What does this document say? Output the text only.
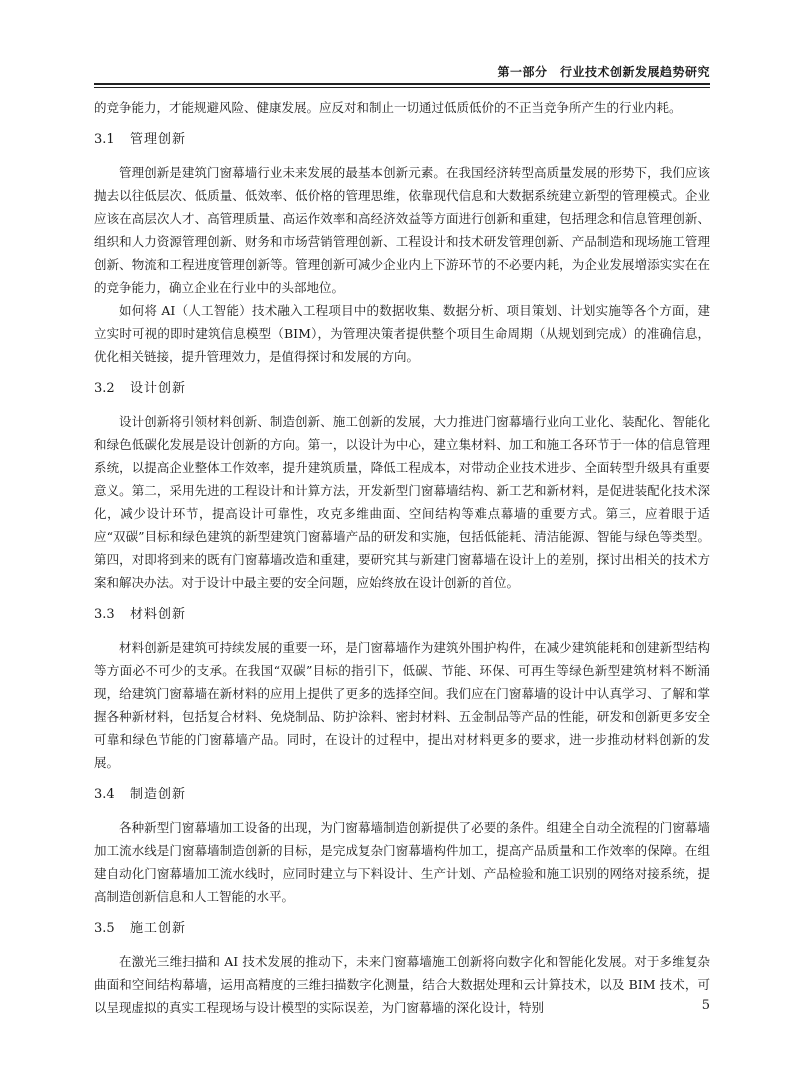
第一部分　行业技术创新发展趋势研究

的竞争能力，才能规避风险、健康发展。应反对和制止一切通过低质低价的不正当竞争所产生的行业内耗。

3.1 管理创新

管理创新是建筑门窗幕墙行业未来发展的最基本创新元素。在我国经济转型高质量发展的形势下，我们应该抛去以往低层次、低质量、低效率、低价格的管理思维，依靠现代信息和大数据系统建立新型的管理模式。企业应该在高层次人才、高管理质量、高运作效率和高经济效益等方面进行创新和重建，包括理念和信息管理创新、组织和人力资源管理创新、财务和市场营销管理创新、工程设计和技术研发管理创新、产品制造和现场施工管理创新、物流和工程进度管理创新等。管理创新可减少企业内上下游环节的不必要内耗，为企业发展增添实实在在的竞争能力，确立企业在行业中的头部地位。

如何将 AI（人工智能）技术融入工程项目中的数据收集、数据分析、项目策划、计划实施等各个方面，建立实时可视的即时建筑信息模型（BIM），为管理决策者提供整个项目生命周期（从规划到完成）的准确信息，优化相关链接，提升管理效力，是值得探讨和发展的方向。

3.2 设计创新

设计创新将引领材料创新、制造创新、施工创新的发展，大力推进门窗幕墙行业向工业化、装配化、智能化和绿色低碳化发展是设计创新的方向。第一，以设计为中心，建立集材料、加工和施工各环节于一体的信息管理系统，以提高企业整体工作效率，提升建筑质量，降低工程成本，对带动企业技术进步、全面转型升级具有重要意义。第二，采用先进的工程设计和计算方法，开发新型门窗幕墙结构、新工艺和新材料，是促进装配化技术深化，减少设计环节，提高设计可靠性，攻克多维曲面、空间结构等难点幕墙的重要方式。第三，应着眼于适应“双碳”目标和绿色建筑的新型建筑门窗幕墙产品的研发和实施，包括低能耗、清洁能源、智能与绿色等类型。第四，对即将到来的既有门窗幕墙改造和重建，要研究其与新建门窗幕墙在设计上的差别，探讨出相关的技术方案和解决办法。对于设计中最主要的安全问题，应始终放在设计创新的首位。

3.3 材料创新

材料创新是建筑可持续发展的重要一环，是门窗幕墙作为建筑外围护构件，在减少建筑能耗和创建新型结构等方面必不可少的支承。在我国“双碳”目标的指引下，低碳、节能、环保、可再生等绿色新型建筑材料不断涌现，给建筑门窗幕墙在新材料的应用上提供了更多的选择空间。我们应在门窗幕墙的设计中认真学习、了解和掌握各种新材料，包括复合材料、免烧制品、防护涂料、密封材料、五金制品等产品的性能，研发和创新更多安全可靠和绿色节能的门窗幕墙产品。同时，在设计的过程中，提出对材料更多的要求，进一步推动材料创新的发展。

3.4 制造创新

各种新型门窗幕墙加工设备的出现，为门窗幕墙制造创新提供了必要的条件。组建全自动全流程的门窗幕墙加工流水线是门窗幕墙制造创新的目标，是完成复杂门窗幕墙构件加工，提高产品质量和工作效率的保障。在组建自动化门窗幕墙加工流水线时，应同时建立与下料设计、生产计划、产品检验和施工识别的网络对接系统，提高制造创新信息和人工智能的水平。

3.5 施工创新

在激光三维扫描和 AI 技术发展的推动下，未来门窗幕墙施工创新将向数字化和智能化发展。对于多维复杂曲面和空间结构幕墙，运用高精度的三维扫描数字化测量，结合大数据处理和云计算技术，以及 BIM 技术，可以呈现虚拟的真实工程现场与设计模型的实际误差，为门窗幕墙的深化设计，特别	5
